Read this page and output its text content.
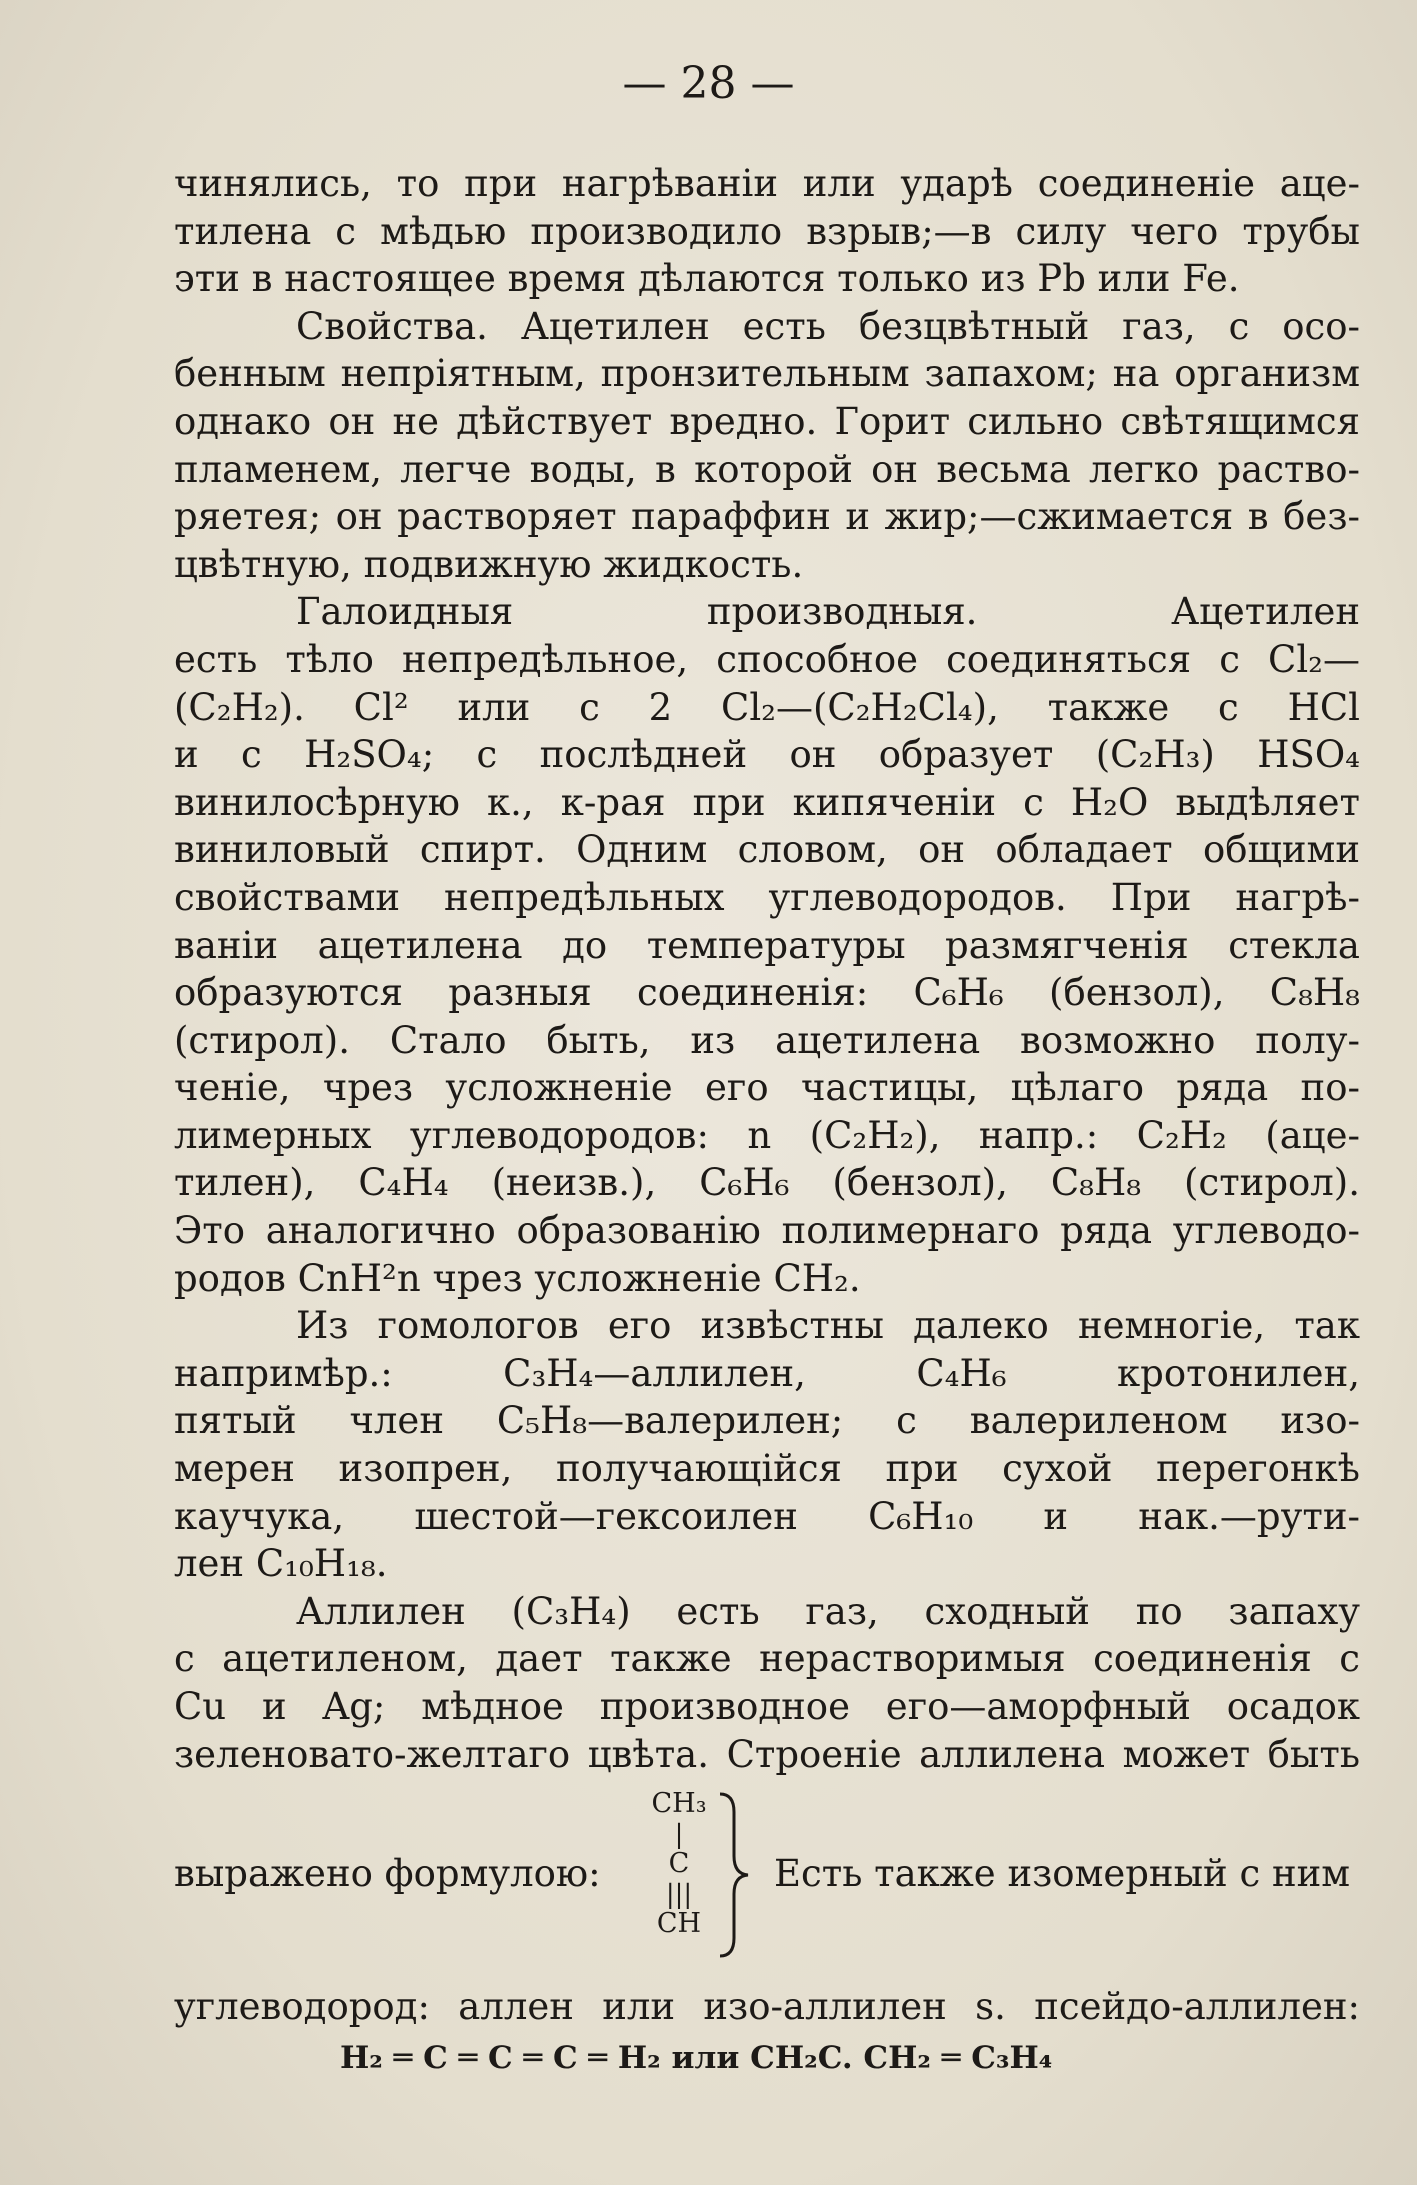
— 28 —
чинялись, то при нагрѣваніи или ударѣ соединеніе аце-
тилена с мѣдью производило взрыв;—в силу чего трубы
эти в настоящее время дѣлаются только из Pb или Fe.
Свойства. Ацетилен есть безцвѣтный газ, с осо-
бенным непріятным, пронзительным запахом; на организм
однако он не дѣйствует вредно. Горит сильно свѣтящимся
пламенем, легче воды, в которой он весьма легко раство-
ряетея; он растворяет параффин и жир;—сжимается в без-
цвѣтную, подвижную жидкость.
Галоидныя производныя. Ацетилен
есть тѣло непредѣльное, способное соединяться с Cl₂—
(C₂H₂). Cl² или с 2 Cl₂—(C₂H₂Cl₄), также с HCl
и с H₂SO₄; с послѣдней он образует (C₂H₃) HSO₄
винилосѣрную к., к-рая при кипяченіи с H₂O выдѣляет
виниловый спирт. Одним словом, он обладает общими
свойствами непредѣльных углеводородов. При нагрѣ-
ваніи ацетилена до температуры размягченія стекла
образуются разныя соединенія: C₆H₆ (бензол), C₈H₈
(стирол). Стало быть, из ацетилена возможно полу-
ченіе, чрез усложненіе его частицы, цѣлаго ряда по-
лимерных углеводородов: n (C₂H₂), напр.: C₂H₂ (аце-
тилен), C₄H₄ (неизв.), C₆H₆ (бензол), C₈H₈ (стирол).
Это аналогично образованію полимернаго ряда углеводо-
родов CnH²n чрез усложненіе CH₂.
Из гомологов его извѣстны далеко немногіе, так
напримѣр.: C₃H₄—аллилен, C₄H₆ кротонилен,
пятый член C₅H₈—валерилен; с валериленом изо-
мерен изопрен, получающійся при сухой перегонкѣ
каучука, шестой—гексоилен C₆H₁₀ и нак.—рути-
лен C₁₀H₁₈.
Аллилен (C₃H₄) есть газ, сходный по запаху
с ацетиленом, дает также нерастворимыя соединенія с
Cu и Ag; мѣдное производное его—аморфный осадок
зеленовато-желтаго цвѣта. Строеніе аллилена может быть
выражено формулою:
CH₃
|
C
|||
CH
Есть также изомерный с ним
углеводород: аллен или изо-аллилен s. псейдо-аллилен:
H₂ ═ C ═ C ═ C ═ H₂ или CH₂C. CH₂ ═ C₃H₄
